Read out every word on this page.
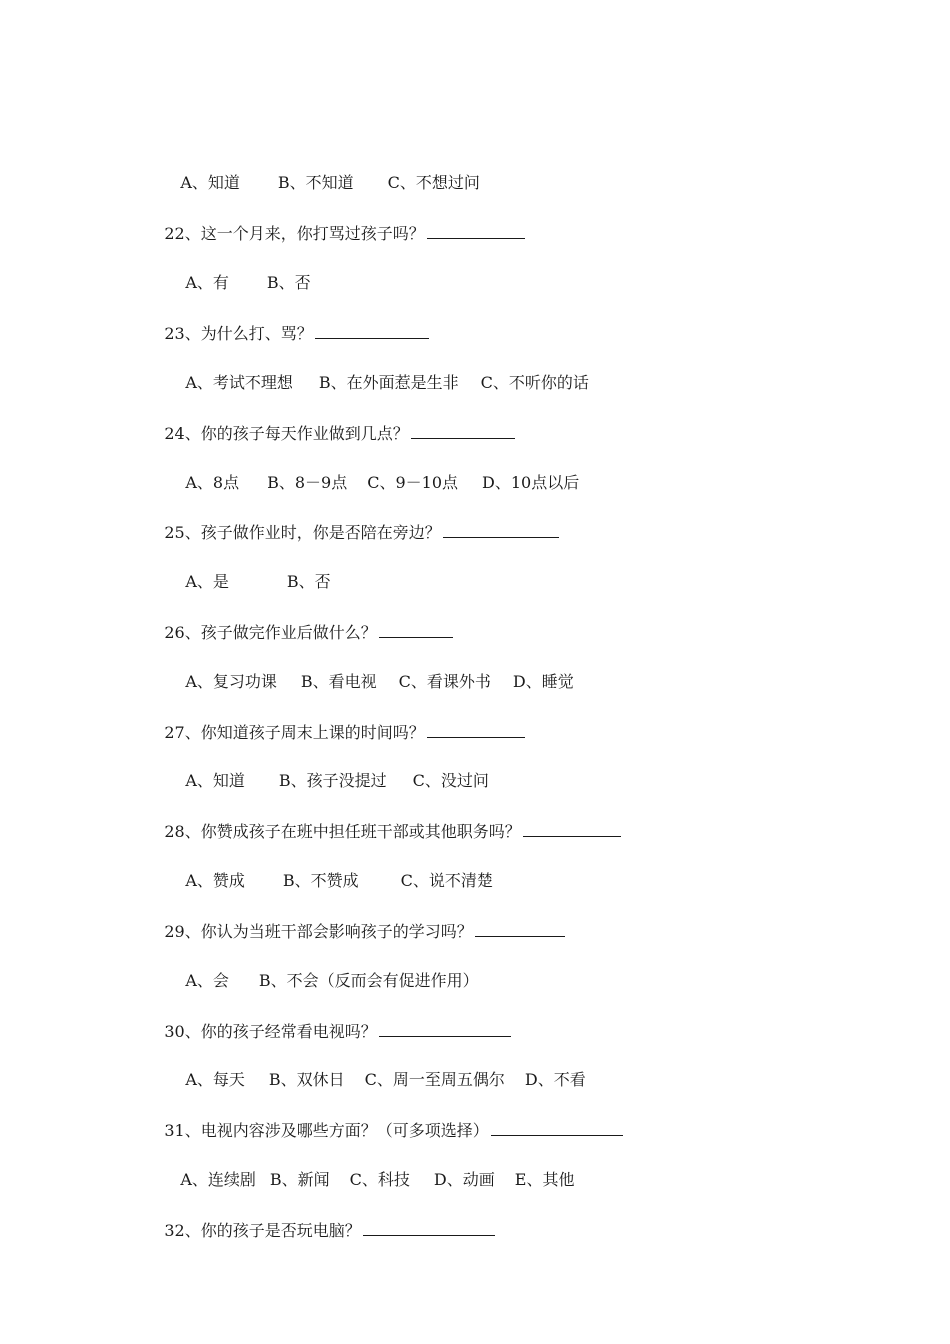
A、知道 B、不知道 C、不想过问

22、这一个月来，你打骂过孩子吗？

A、有 B、否

23、为什么打、骂？

A、考试不理想 B、在外面惹是生非 C、不听你的话

24、你的孩子每天作业做到几点？

A、8点 B、8－9点 C、9－10点 D、10点以后

25、孩子做作业时，你是否陪在旁边？

A、是	B、否

26、孩子做完作业后做什么？

A、复习功课 B、看电视 C、看课外书 D、睡觉

27、你知道孩子周末上课的时间吗？

A、知道 B、孩子没提过 C、没过问

28、你赞成孩子在班中担任班干部或其他职务吗？

A、赞成 B、不赞成	C、说不清楚

29、你认为当班干部会影响孩子的学习吗？

A、会 B、不会（反而会有促进作用）

30、你的孩子经常看电视吗？

A、每天 B、双休日 C、周一至周五偶尔 D、不看

31、电视内容涉及哪些方面？（可多项选择）

A、连续剧 B、新闻 C、科技 D、动画 E、其他

32、你的孩子是否玩电脑？
